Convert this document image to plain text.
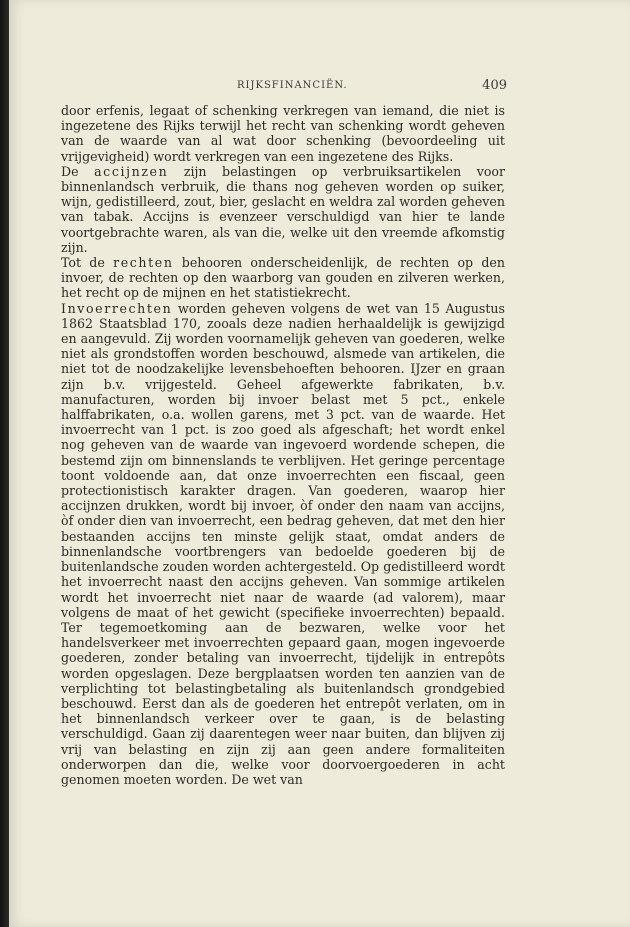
RIJKSFINANCIËN.	409

door erfenis, legaat of schenking verkregen van iemand, die niet is ingezetene des Rijks terwijl het recht van schenking wordt geheven van de waarde van al wat door schenking (bevoordeeling uit vrijgevigheid) wordt verkregen van een ingezetene des Rijks.

De accijnzen zijn belastingen op verbruiksartikelen voor binnenlandsch verbruik, die thans nog geheven worden op suiker, wijn, gedistilleerd, zout, bier, geslacht en weldra zal worden geheven van tabak. Accijns is evenzeer verschuldigd van hier te lande voortgebrachte waren, als van die, welke uit den vreemde afkomstig zijn.

Tot de rechten behooren onderscheidenlijk, de rechten op den invoer, de rechten op den waarborg van gouden en zilveren werken, het recht op de mijnen en het statistiekrecht.

Invoerrechten worden geheven volgens de wet van 15 Augustus 1862 Staatsblad 170, zooals deze nadien herhaaldelijk is gewijzigd en aangevuld. Zij worden voornamelijk geheven van goederen, welke niet als grondstoffen worden beschouwd, alsmede van artikelen, die niet tot de noodzakelijke levensbehoeften behooren. IJzer en graan zijn b.v. vrijgesteld. Geheel afgewerkte fabrikaten, b.v. manufacturen, worden bij invoer belast met 5 pct., enkele halffabrikaten, o.a. wollen garens, met 3 pct. van de waarde. Het invoerrecht van 1 pct. is zoo goed als afgeschaft; het wordt enkel nog geheven van de waarde van ingevoerd wordende schepen, die bestemd zijn om binnenslands te verblijven. Het geringe percentage toont voldoende aan, dat onze invoerrechten een fiscaal, geen protectionistisch karakter dragen. Van goederen, waarop hier accijnzen drukken, wordt bij invoer, òf onder den naam van accijns, òf onder dien van invoerrecht, een bedrag geheven, dat met den hier bestaanden accijns ten minste gelijk staat, omdat anders de binnenlandsche voortbrengers van bedoelde goederen bij de buitenlandsche zouden worden achtergesteld. Op gedistilleerd wordt het invoerrecht naast den accijns geheven. Van sommige artikelen wordt het invoerrecht niet naar de waarde (ad valorem), maar volgens de maat of het gewicht (specifieke invoerrechten) bepaald. Ter tegemoetkoming aan de bezwaren, welke voor het handelsverkeer met invoerrechten gepaard gaan, mogen ingevoerde goederen, zonder betaling van invoerrecht, tijdelijk in entrepôts worden opgeslagen. Deze bergplaatsen worden ten aanzien van de verplichting tot belastingbetaling als buitenlandsch grondgebied beschouwd. Eerst dan als de goederen het entrepôt verlaten, om in het binnenlandsch verkeer over te gaan, is de belasting verschuldigd. Gaan zij daarentegen weer naar buiten, dan blijven zij vrij van belasting en zijn zij aan geen andere formaliteiten onderworpen dan die, welke voor doorvoergoederen in acht genomen moeten worden. De wet van
